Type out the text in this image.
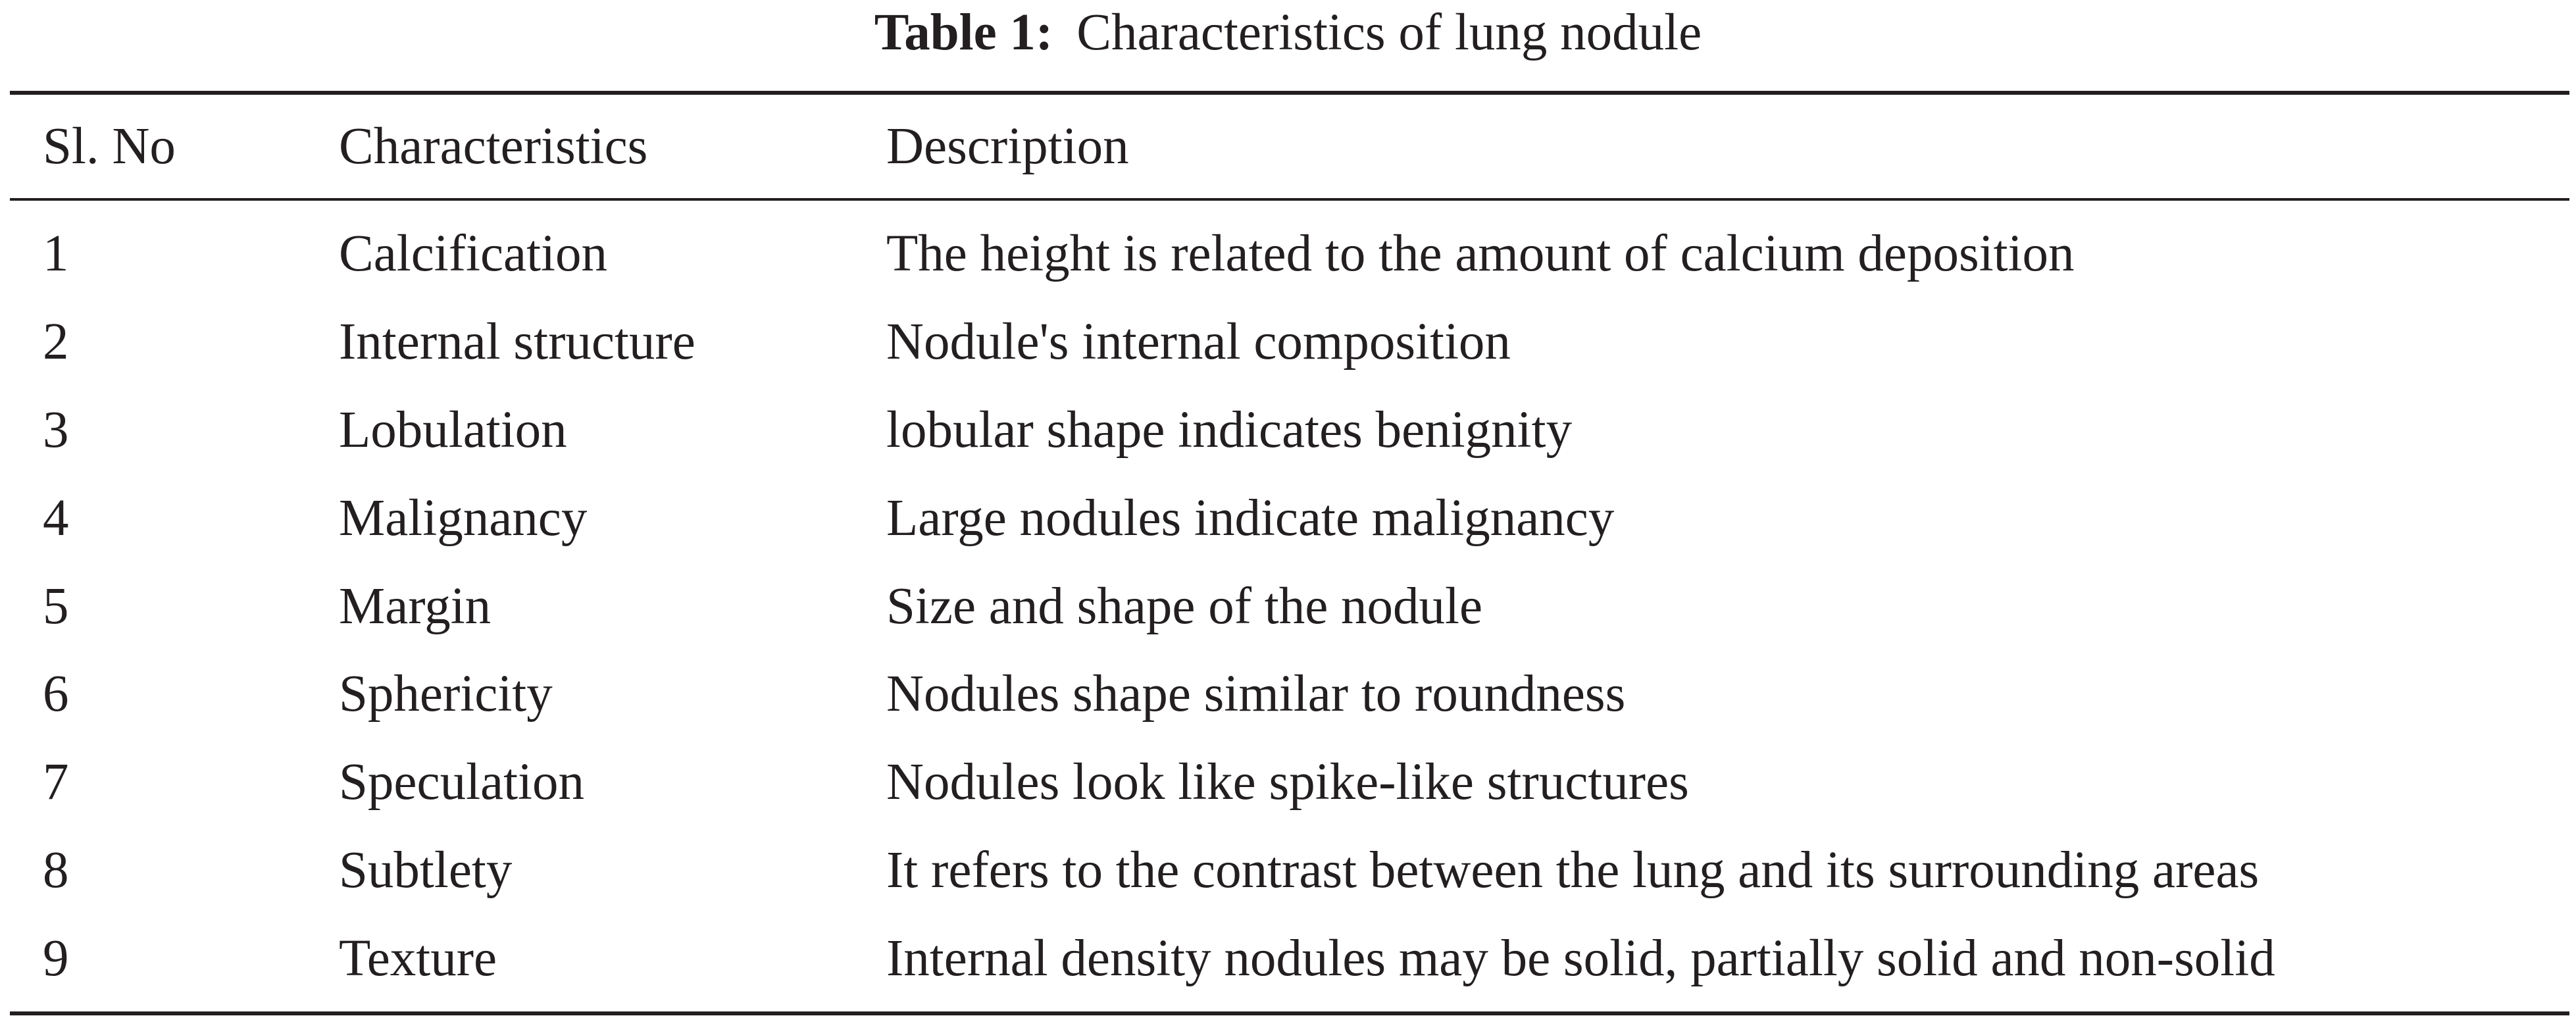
Table 1: Characteristics of lung nodule
Sl. No	Characteristics	Description
1	Calcification	The height is related to the amount of calcium deposition
2	Internal structure	Nodule's internal composition
3	Lobulation	lobular shape indicates benignity
4	Malignancy	Large nodules indicate malignancy
5	Margin	Size and shape of the nodule
6	Sphericity	Nodules shape similar to roundness
7	Speculation	Nodules look like spike-like structures
8	Subtlety	It refers to the contrast between the lung and its surrounding areas
9	Texture	Internal density nodules may be solid, partially solid and non-solid
